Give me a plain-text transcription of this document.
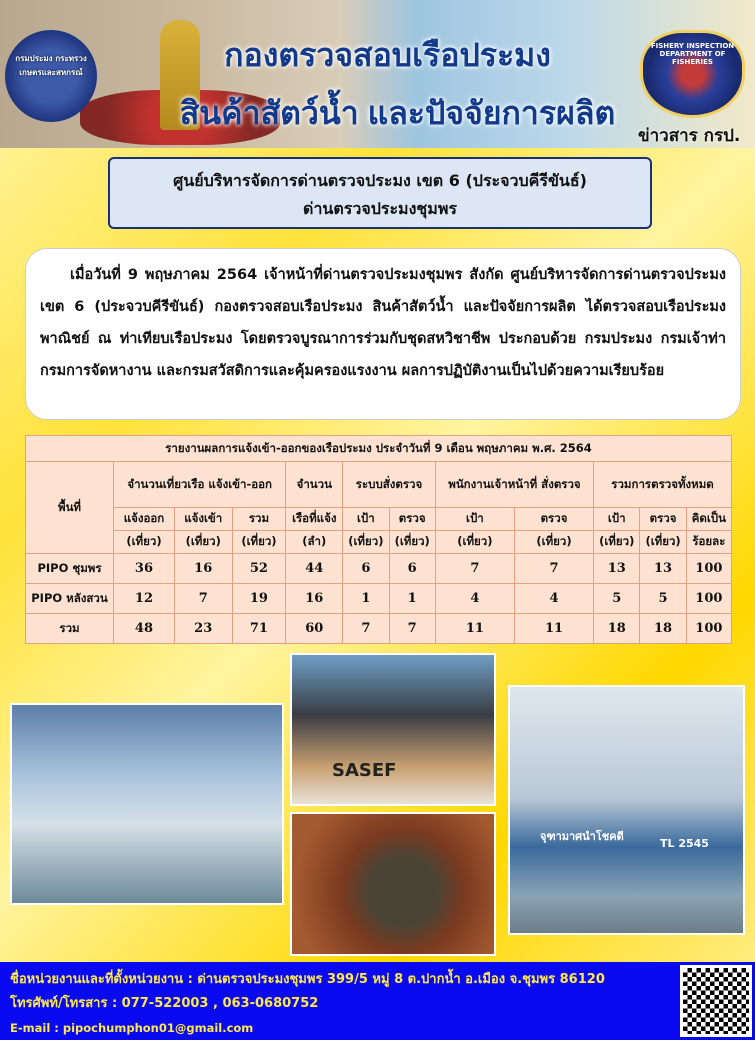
กรมประมง กระทรวงเกษตรและสหกรณ์
FISHERY INSPECTION DEPARTMENT OF FISHERIES
กองตรวจสอบเรือประมง
สินค้าสัตว์น้ำ และปัจจัยการผลิต
ข่าวสาร กรป.
ศูนย์บริหารจัดการด่านตรวจประมง เขต 6 (ประจวบคีรีขันธ์)
ด่านตรวจประมงชุมพร
เมื่อวันที่ 9 พฤษภาคม 2564 เจ้าหน้าที่ด่านตรวจประมงชุมพร สังกัด ศูนย์บริหารจัดการด่านตรวจประมงเขต 6 (ประจวบคีรีขันธ์) กองตรวจสอบเรือประมง สินค้าสัตว์น้ำ และปัจจัยการผลิต ได้ตรวจสอบเรือประมงพาณิชย์ ณ ท่าเทียบเรือประมง โดยตรวจบูรณาการร่วมกับชุดสหวิชาชีพ ประกอบด้วย กรมประมง กรมเจ้าท่า กรมการจัดหางาน และกรมสวัสดิการและคุ้มครองแรงงาน ผลการปฏิบัติงานเป็นไปด้วยความเรียบร้อย
รายงานผลการแจ้งเข้า-ออกของเรือประมง ประจำวันที่ 9 เดือน พฤษภาคม พ.ศ. 2564											
พื้นที่	จำนวนเที่ยวเรือ แจ้งเข้า-ออก			จำนวน	ระบบสั่งตรวจ		พนักงานเจ้าหน้าที่ สั่งตรวจ		รวมการตรวจทั้งหมด		
	แจ้งออก	แจ้งเข้า	รวม	เรือที่แจ้ง	เป้า	ตรวจ	เป้า	ตรวจ	เป้า	ตรวจ	คิดเป็น
	(เที่ยว)	(เที่ยว)	(เที่ยว)	(ลำ)	(เที่ยว)	(เที่ยว)	(เที่ยว)	(เที่ยว)	(เที่ยว)	(เที่ยว)	ร้อยละ
PIPO ชุมพร	36	16	52	44	6	6	7	7	13	13	100
PIPO หลังสวน	12	7	19	16	1	1	4	4	5	5	100
รวม	48	23	71	60	7	7	11	11	18	18	100
SASEF
จุฑามาศนำโชคดี
TL 2545
ชื่อหน่วยงานและที่ตั้งหน่วยงาน : ด่านตรวจประมงชุมพร 399/5 หมู่ 8 ต.ปากน้ำ อ.เมือง จ.ชุมพร 86120
โทรศัพท์/โทรสาร : 077-522003 , 063-0680752
E-mail : pipochumphon01@gmail.com
